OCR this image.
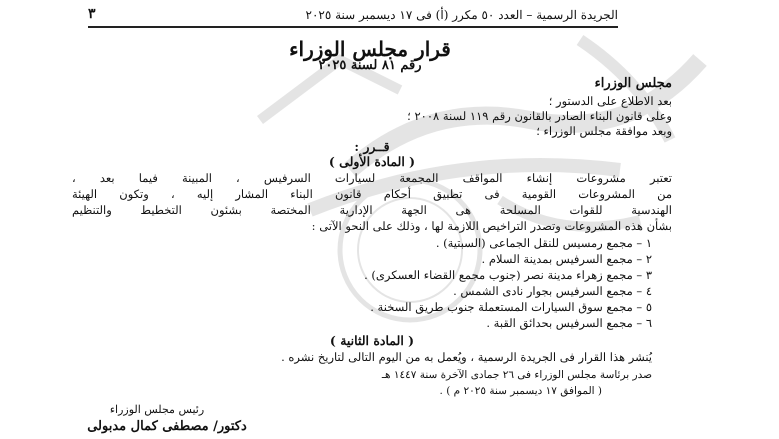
الجريدة الرسمية – العدد ٥٠ مكرر (أ) فى ١٧ ديسمبر سنة ٢٠٢٥
٣
قرار مجلس الوزراء
رقم ٨١ لسنة ٢٠٢٥
مجلس الوزراء
بعد الاطلاع على الدستور ؛
وعلى قانون البناء الصادر بالقانون رقم ١١٩ لسنة ٢٠٠٨ ؛
وبعد موافقة مجلس الوزراء ؛
قــرر :
( المادة الأولى )
تعتبر مشروعات إنشاء المواقف المجمعة لسيارات السرفيس ، المبينة فيما بعد ،
من المشروعات القومية فى تطبيق أحكام قانون البناء المشار إليه ، وتكون الهيئة
الهندسية للقوات المسلحة هى الجهة الإدارية المختصة بشئون التخطيط والتنظيم
بشأن هذه المشروعات وتصدر التراخيص اللازمة لها ، وذلك على النحو الآتى :
١ – مجمع رمسيس للنقل الجماعى (السبتية) .
٢ – مجمع السرفيس بمدينة السلام .
٣ – مجمع زهراء مدينة نصر (جنوب مجمع القضاء العسكرى) .
٤ – مجمع السرفيس بجوار نادى الشمس .
٥ – مجمع سوق السيارات المستعملة جنوب طريق السخنة .
٦ – مجمع السرفيس بحدائق القبة .
( المادة الثانية )
يُنشر هذا القرار فى الجريدة الرسمية ، ويُعمل به من اليوم التالى لتاريخ نشره .
صدر برئاسة مجلس الوزراء فى ٢٦ جمادى الآخرة سنة ١٤٤٧ هـ
( الموافق ١٧ ديسمبر سنة ٢٠٢٥ م ) .
رئيس مجلس الوزراء
دكتور/ مصطفى كمال مدبولى
